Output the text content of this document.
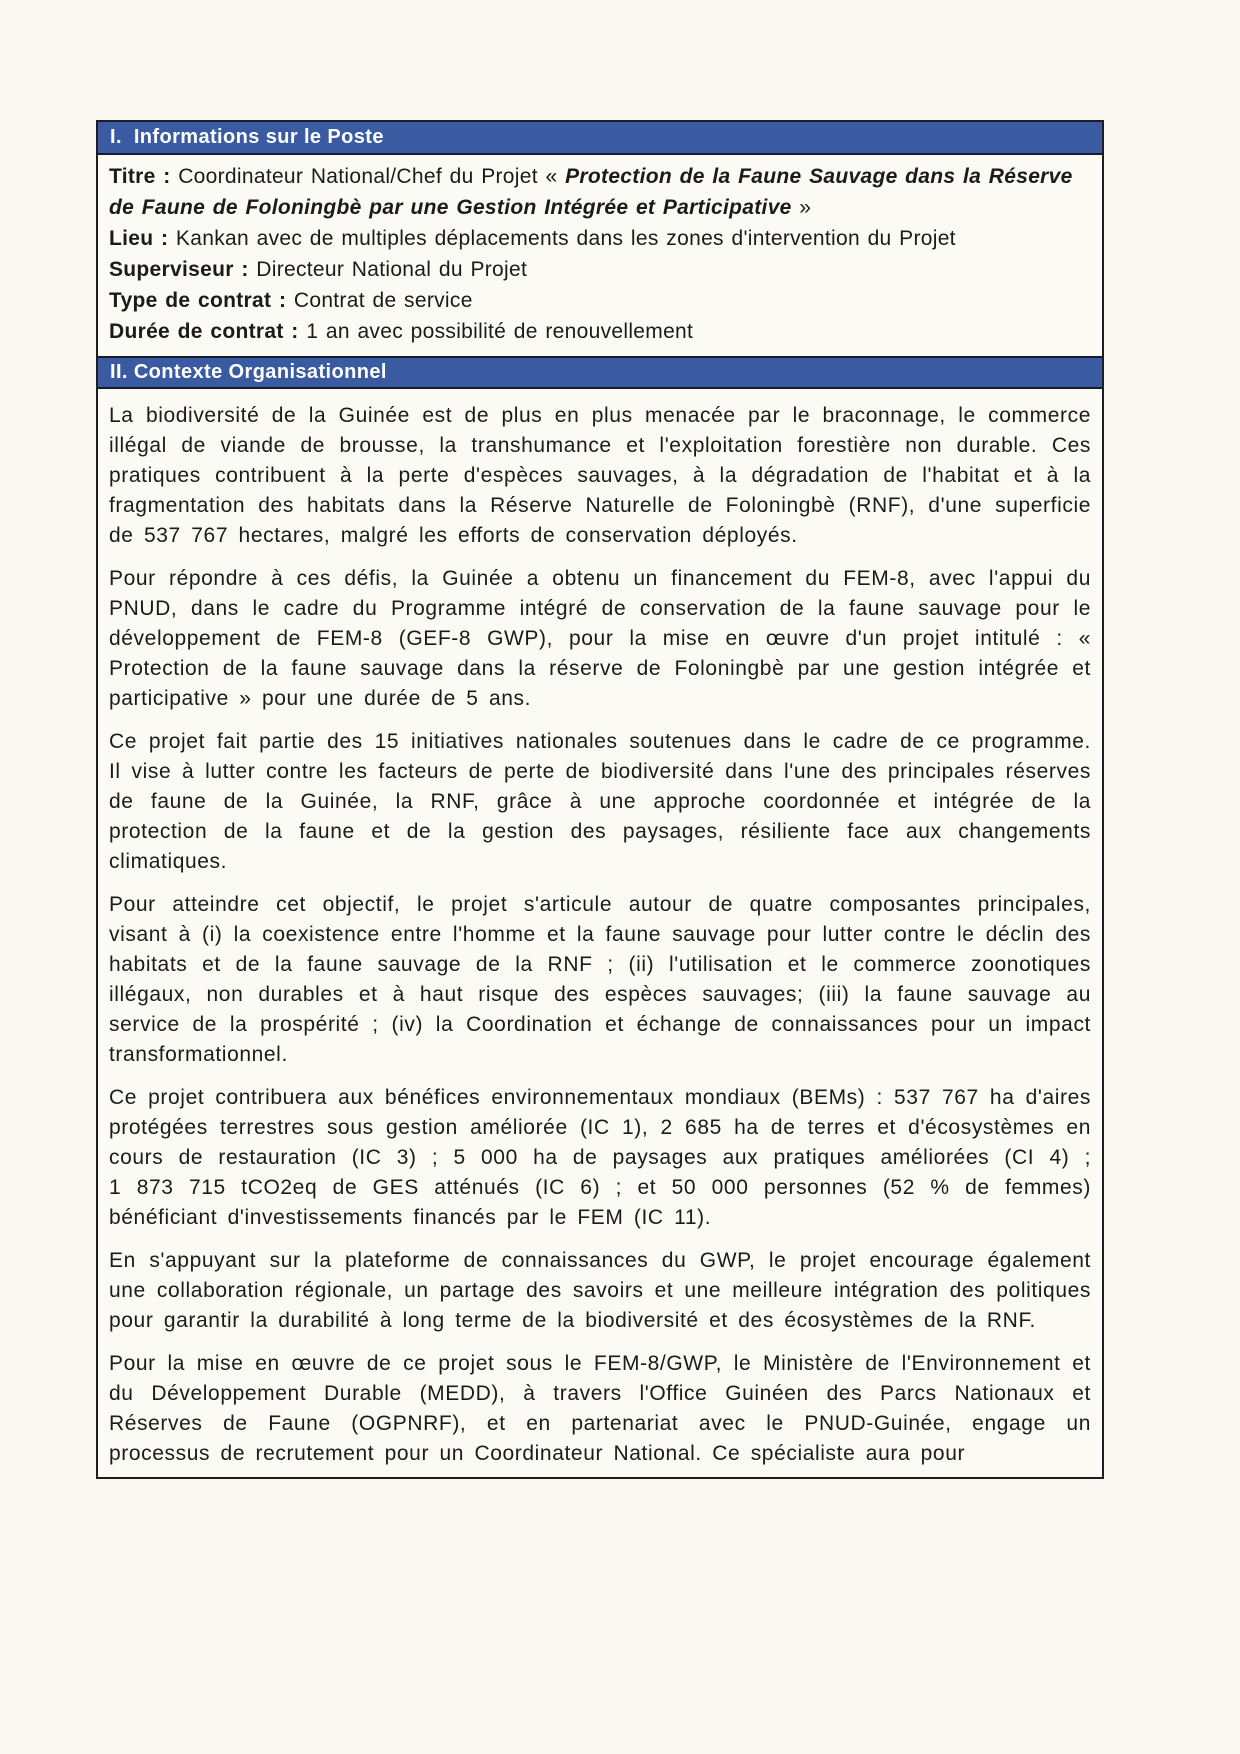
I.  Informations sur le Poste

Titre : Coordinateur National/Chef du Projet « Protection de la Faune Sauvage dans la Réserve de Faune de Foloningbè par une Gestion Intégrée et Participative »

Lieu : Kankan avec de multiples déplacements dans les zones d'intervention du Projet

Superviseur : Directeur National du Projet

Type de contrat : Contrat de service

Durée de contrat : 1 an avec possibilité de renouvellement

II. Contexte Organisationnel

La biodiversité de la Guinée est de plus en plus menacée par le braconnage, le commerce illégal de viande de brousse, la transhumance et l'exploitation forestière non durable. Ces pratiques contribuent à la perte d'espèces sauvages, à la dégradation de l'habitat et à la fragmentation des habitats dans la Réserve Naturelle de Foloningbè (RNF), d'une superficie de 537 767 hectares, malgré les efforts de conservation déployés.

Pour répondre à ces défis, la Guinée a obtenu un financement du FEM-8, avec l'appui du PNUD, dans le cadre du Programme intégré de conservation de la faune sauvage pour le développement de FEM-8 (GEF-8 GWP), pour la mise en œuvre d'un projet intitulé : « Protection de la faune sauvage dans la réserve de Foloningbè par une gestion intégrée et participative » pour une durée de 5 ans.

Ce projet fait partie des 15 initiatives nationales soutenues dans le cadre de ce programme. Il vise à lutter contre les facteurs de perte de biodiversité dans l'une des principales réserves de faune de la Guinée, la RNF, grâce à une approche coordonnée et intégrée de la protection de la faune et de la gestion des paysages, résiliente face aux changements climatiques.

Pour atteindre cet objectif, le projet s'articule autour de quatre composantes principales, visant à (i) la coexistence entre l'homme et la faune sauvage pour lutter contre le déclin des habitats et de la faune sauvage de la RNF ; (ii) l'utilisation et le commerce zoonotiques illégaux, non durables et à haut risque des espèces sauvages; (iii) la faune sauvage au service de la prospérité ; (iv) la Coordination et échange de connaissances pour un impact transformationnel.

Ce projet contribuera aux bénéfices environnementaux mondiaux (BEMs) : 537 767 ha d'aires protégées terrestres sous gestion améliorée (IC 1), 2 685 ha de terres et d'écosystèmes en cours de restauration (IC 3) ; 5 000 ha de paysages aux pratiques améliorées (CI 4) ; 1 873 715 tCO2eq de GES atténués (IC 6) ; et 50 000 personnes (52 % de femmes) bénéficiant d'investissements financés par le FEM (IC 11).

En s'appuyant sur la plateforme de connaissances du GWP, le projet encourage également une collaboration régionale, un partage des savoirs et une meilleure intégration des politiques pour garantir la durabilité à long terme de la biodiversité et des écosystèmes de la RNF.

Pour la mise en œuvre de ce projet sous le FEM-8/GWP, le Ministère de l'Environnement et du Développement Durable (MEDD), à travers l'Office Guinéen des Parcs Nationaux et Réserves de Faune (OGPNRF), et en partenariat avec le PNUD-Guinée, engage un processus de recrutement pour un Coordinateur National. Ce spécialiste aura pour
